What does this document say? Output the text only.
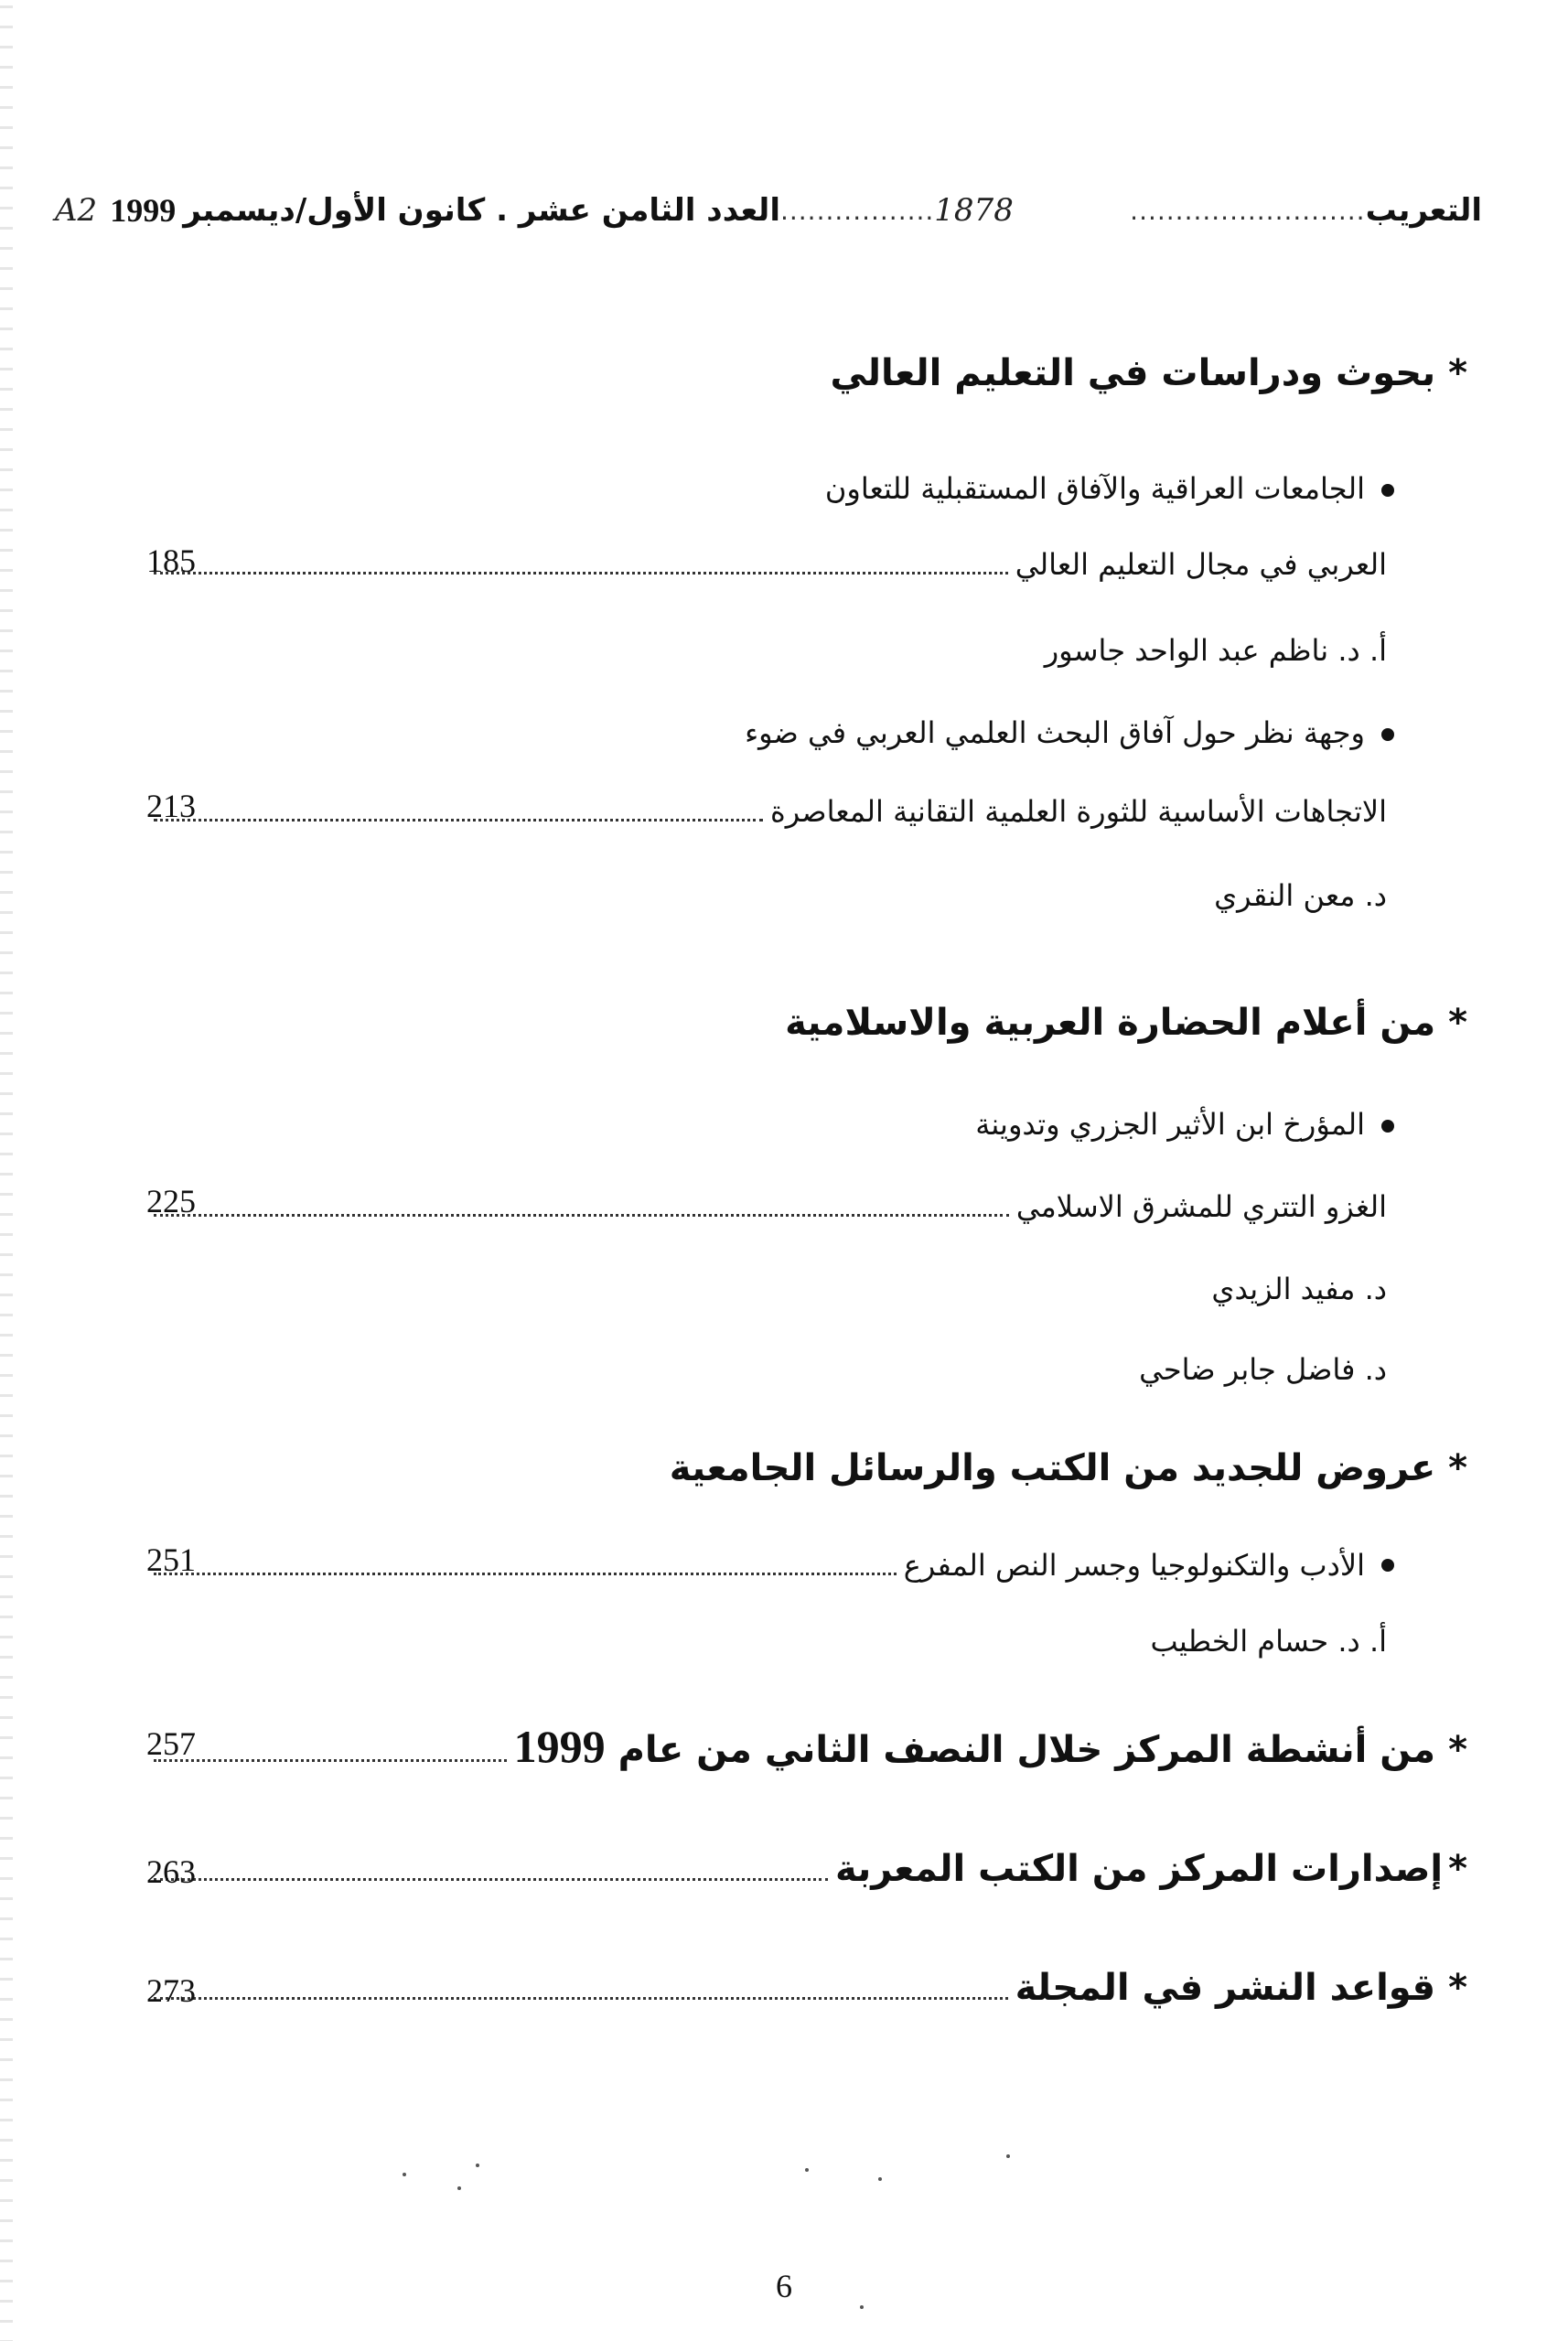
التعريب
..........................
1878
.................
العدد الثامن عشر . كانون الأول/ديسمبر
1999
A2
* بحوث ودراسات في التعليم العالي
الجامعات العراقية والآفاق المستقبلية للتعاون
العربي في مجال التعليم العالي
185
أ. د. ناظم عبد الواحد جاسور
وجهة نظر حول آفاق البحث العلمي العربي في ضوء
الاتجاهات الأساسية للثورة العلمية التقانية المعاصرة
213
د. معن النقري
* من أعلام الحضارة العربية والاسلامية
المؤرخ ابن الأثير الجزري وتدوينة
الغزو التتري للمشرق الاسلامي
225
د. مفيد الزيدي
د. فاضل جابر ضاحي
* عروض للجديد من الكتب والرسائل الجامعية
الأدب والتكنولوجيا وجسر النص المفرع
251
أ. د. حسام الخطيب
*
من أنشطة المركز خلال النصف الثاني من عام
1999
257
*
إصدارات المركز من الكتب المعربة
263
*
قواعد النشر في المجلة
273
6
